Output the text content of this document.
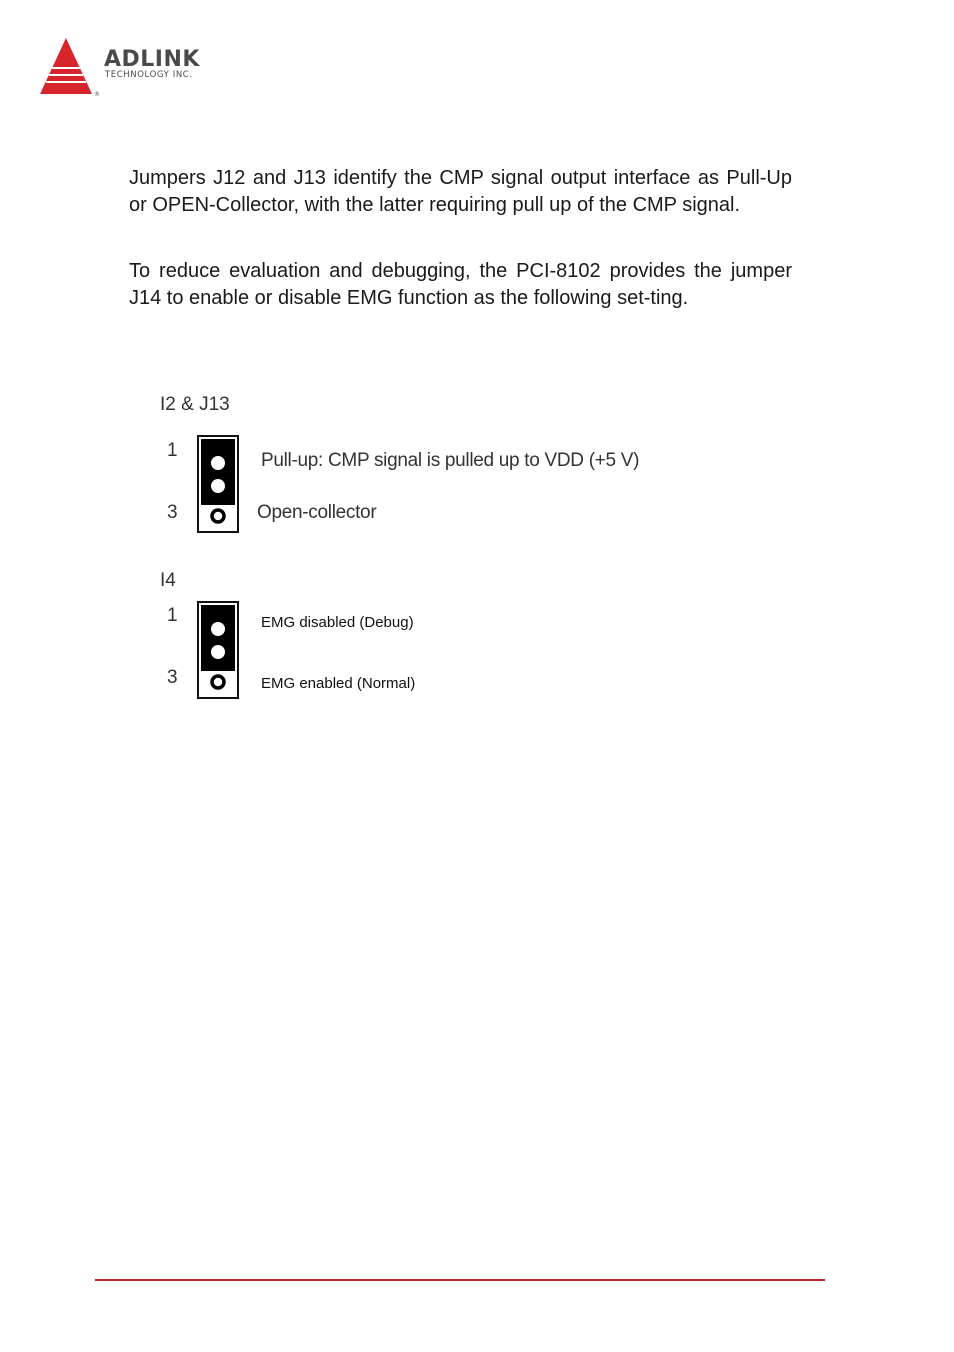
®
ADLINK
TECHNOLOGY INC.

Jumpers J12 and J13 identify the CMP signal output interface as Pull-Up or OPEN-Collector, with the latter requiring pull up of the CMP signal.

To reduce evaluation and debugging, the PCI-8102 provides the jumper J14 to enable or disable EMG function as the following set-ting.

I2 & J13
1
3
Pull-up: CMP signal is pulled up to VDD (+5 V)
Open-collector
I4
1
3
EMG disabled (Debug)
EMG enabled (Normal)
